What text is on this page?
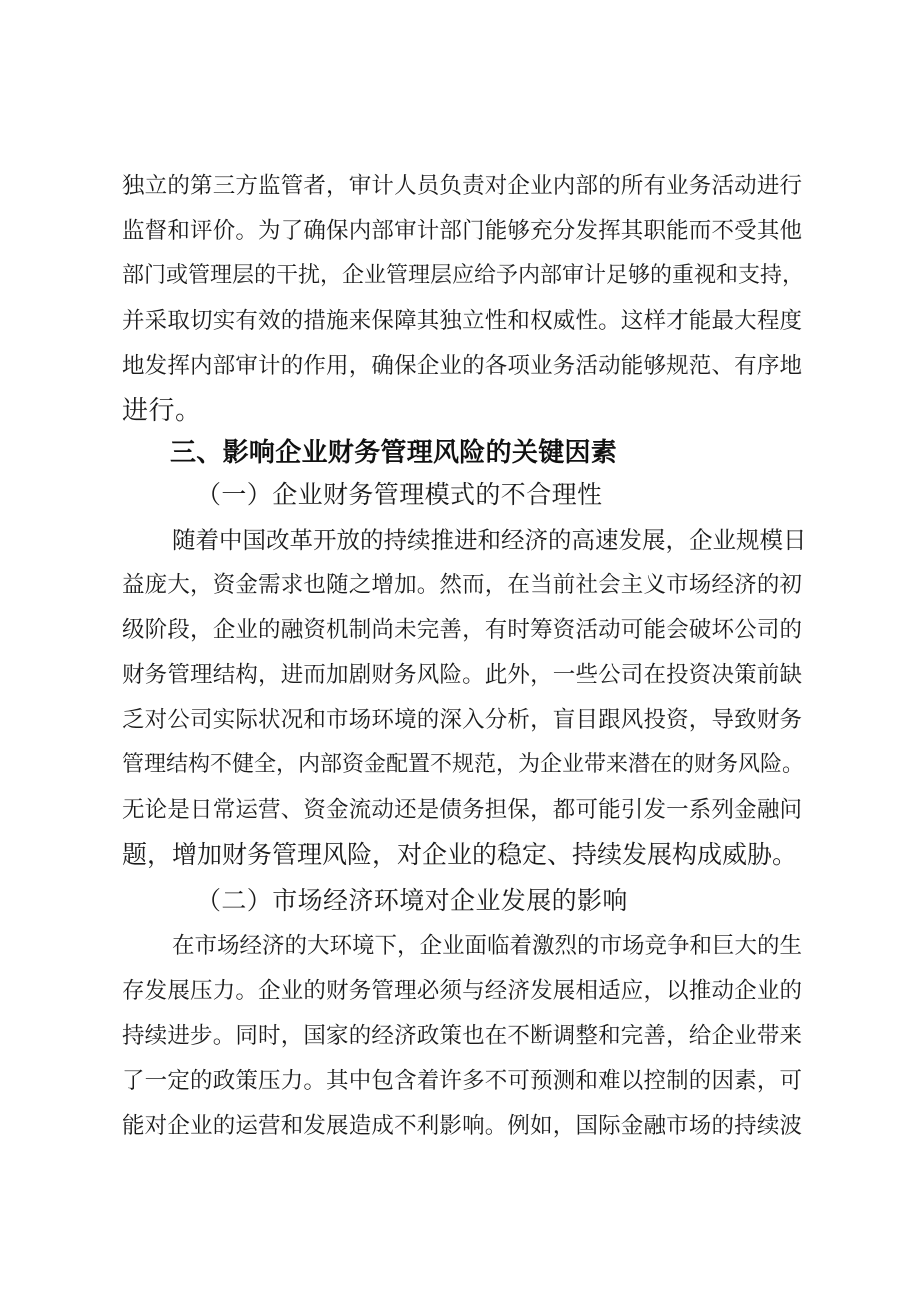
独立的第三方监管者，审计人员负责对企业内部的所有业务活动进行
监督和评价。为了确保内部审计部门能够充分发挥其职能而不受其他
部门或管理层的干扰，企业管理层应给予内部审计足够的重视和支持，
并采取切实有效的措施来保障其独立性和权威性。这样才能最大程度
地发挥内部审计的作用，确保企业的各项业务活动能够规范、有序地
进行。
三、影响企业财务管理风险的关键因素
（一）企业财务管理模式的不合理性
随着中国改革开放的持续推进和经济的高速发展，企业规模日
益庞大，资金需求也随之增加。然而，在当前社会主义市场经济的初
级阶段，企业的融资机制尚未完善，有时筹资活动可能会破坏公司的
财务管理结构，进而加剧财务风险。此外，一些公司在投资决策前缺
乏对公司实际状况和市场环境的深入分析，盲目跟风投资，导致财务
管理结构不健全，内部资金配置不规范，为企业带来潜在的财务风险。
无论是日常运营、资金流动还是债务担保，都可能引发一系列金融问
题，增加财务管理风险，对企业的稳定、持续发展构成威胁。
（二）市场经济环境对企业发展的影响
在市场经济的大环境下，企业面临着激烈的市场竞争和巨大的生
存发展压力。企业的财务管理必须与经济发展相适应，以推动企业的
持续进步。同时，国家的经济政策也在不断调整和完善，给企业带来
了一定的政策压力。其中包含着许多不可预测和难以控制的因素，可
能对企业的运营和发展造成不利影响。例如，国际金融市场的持续波
